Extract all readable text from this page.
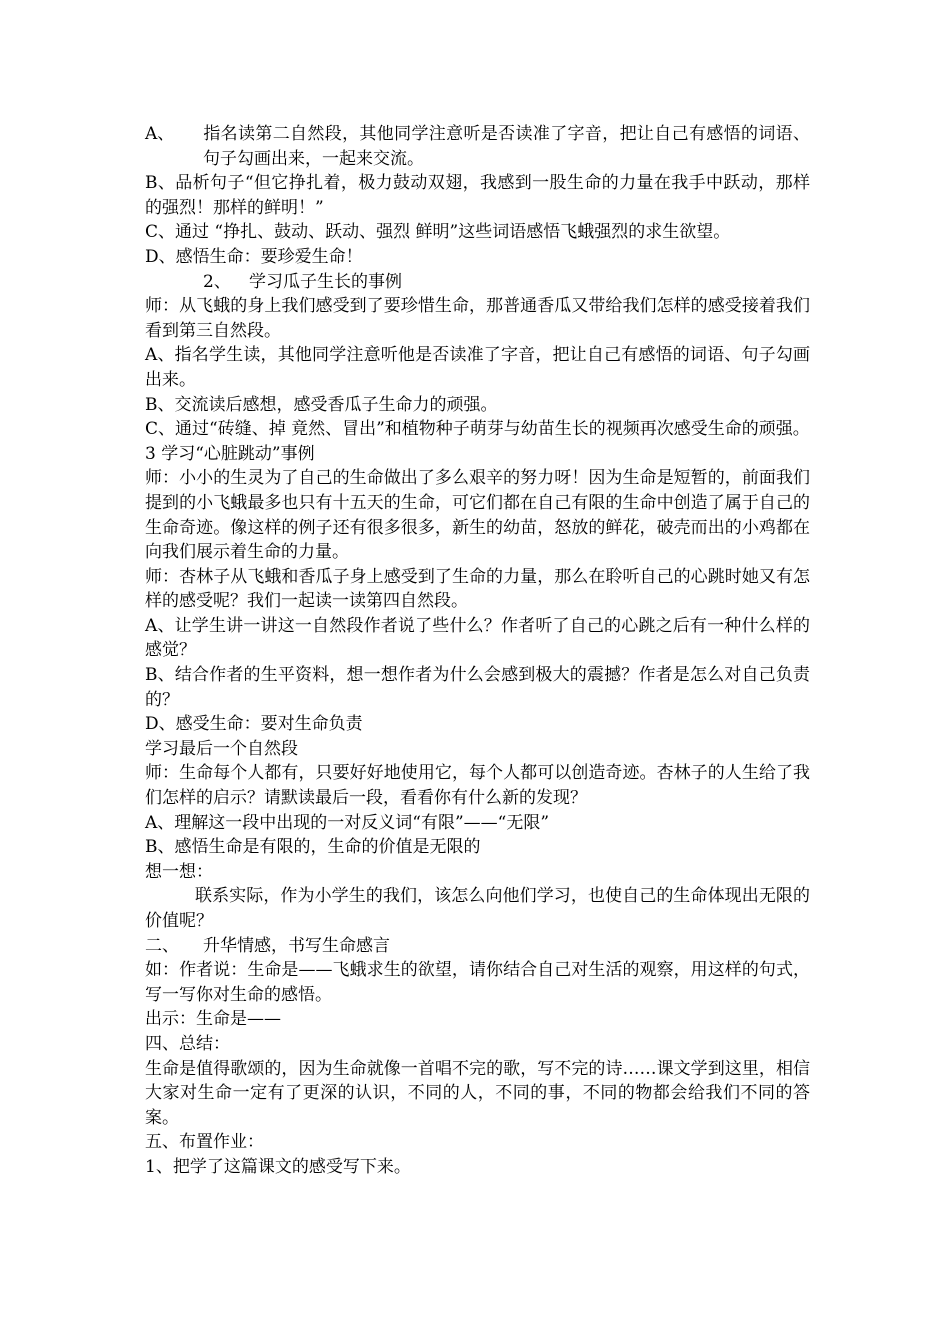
A、 指名读第二自然段，其他同学注意听是否读准了字音，把让自己有感悟的词语、句子勾画出来，一起来交流。

B、品析句子“但它挣扎着，极力鼓动双翅，我感到一股生命的力量在我手中跃动，那样的强烈！那样的鲜明！”

C、通过 “挣扎、鼓动、跃动、强烈 鲜明”这些词语感悟飞蛾强烈的求生欲望。

D、感悟生命：要珍爱生命！

2、 学习瓜子生长的事例

师：从飞蛾的身上我们感受到了要珍惜生命，那普通香瓜又带给我们怎样的感受接着我们看到第三自然段。

A、指名学生读，其他同学注意听他是否读准了字音，把让自己有感悟的词语、句子勾画出来。

B、交流读后感想，感受香瓜子生命力的顽强。

C、通过“砖缝、掉 竟然、冒出”和植物种子萌芽与幼苗生长的视频再次感受生命的顽强。

3 学习“心脏跳动”事例

师：小小的生灵为了自己的生命做出了多么艰辛的努力呀！因为生命是短暂的，前面我们提到的小飞蛾最多也只有十五天的生命，可它们都在自己有限的生命中创造了属于自己的生命奇迹。像这样的例子还有很多很多，新生的幼苗，怒放的鲜花，破壳而出的小鸡都在向我们展示着生命的力量。

师：杏林子从飞蛾和香瓜子身上感受到了生命的力量，那么在聆听自己的心跳时她又有怎样的感受呢？我们一起读一读第四自然段。

A、让学生讲一讲这一自然段作者说了些什么？作者听了自己的心跳之后有一种什么样的感觉？

B、结合作者的生平资料，想一想作者为什么会感到极大的震撼？作者是怎么对自己负责的？

D、感受生命：要对生命负责

学习最后一个自然段

师：生命每个人都有，只要好好地使用它，每个人都可以创造奇迹。杏林子的人生给了我们怎样的启示？请默读最后一段，看看你有什么新的发现？

A、理解这一段中出现的一对反义词“有限”——“无限”

B、感悟生命是有限的，生命的价值是无限的

想一想：

联系实际，作为小学生的我们，该怎么向他们学习，也使自己的生命体现出无限的价值呢？

二、 升华情感，书写生命感言

如：作者说：生命是——飞蛾求生的欲望，请你结合自己对生活的观察，用这样的句式，写一写你对生命的感悟。

出示：生命是——

四、总结：

生命是值得歌颂的，因为生命就像一首唱不完的歌，写不完的诗……课文学到这里，相信大家对生命一定有了更深的认识，不同的人，不同的事，不同的物都会给我们不同的答案。

五、布置作业：

1、把学了这篇课文的感受写下来。
